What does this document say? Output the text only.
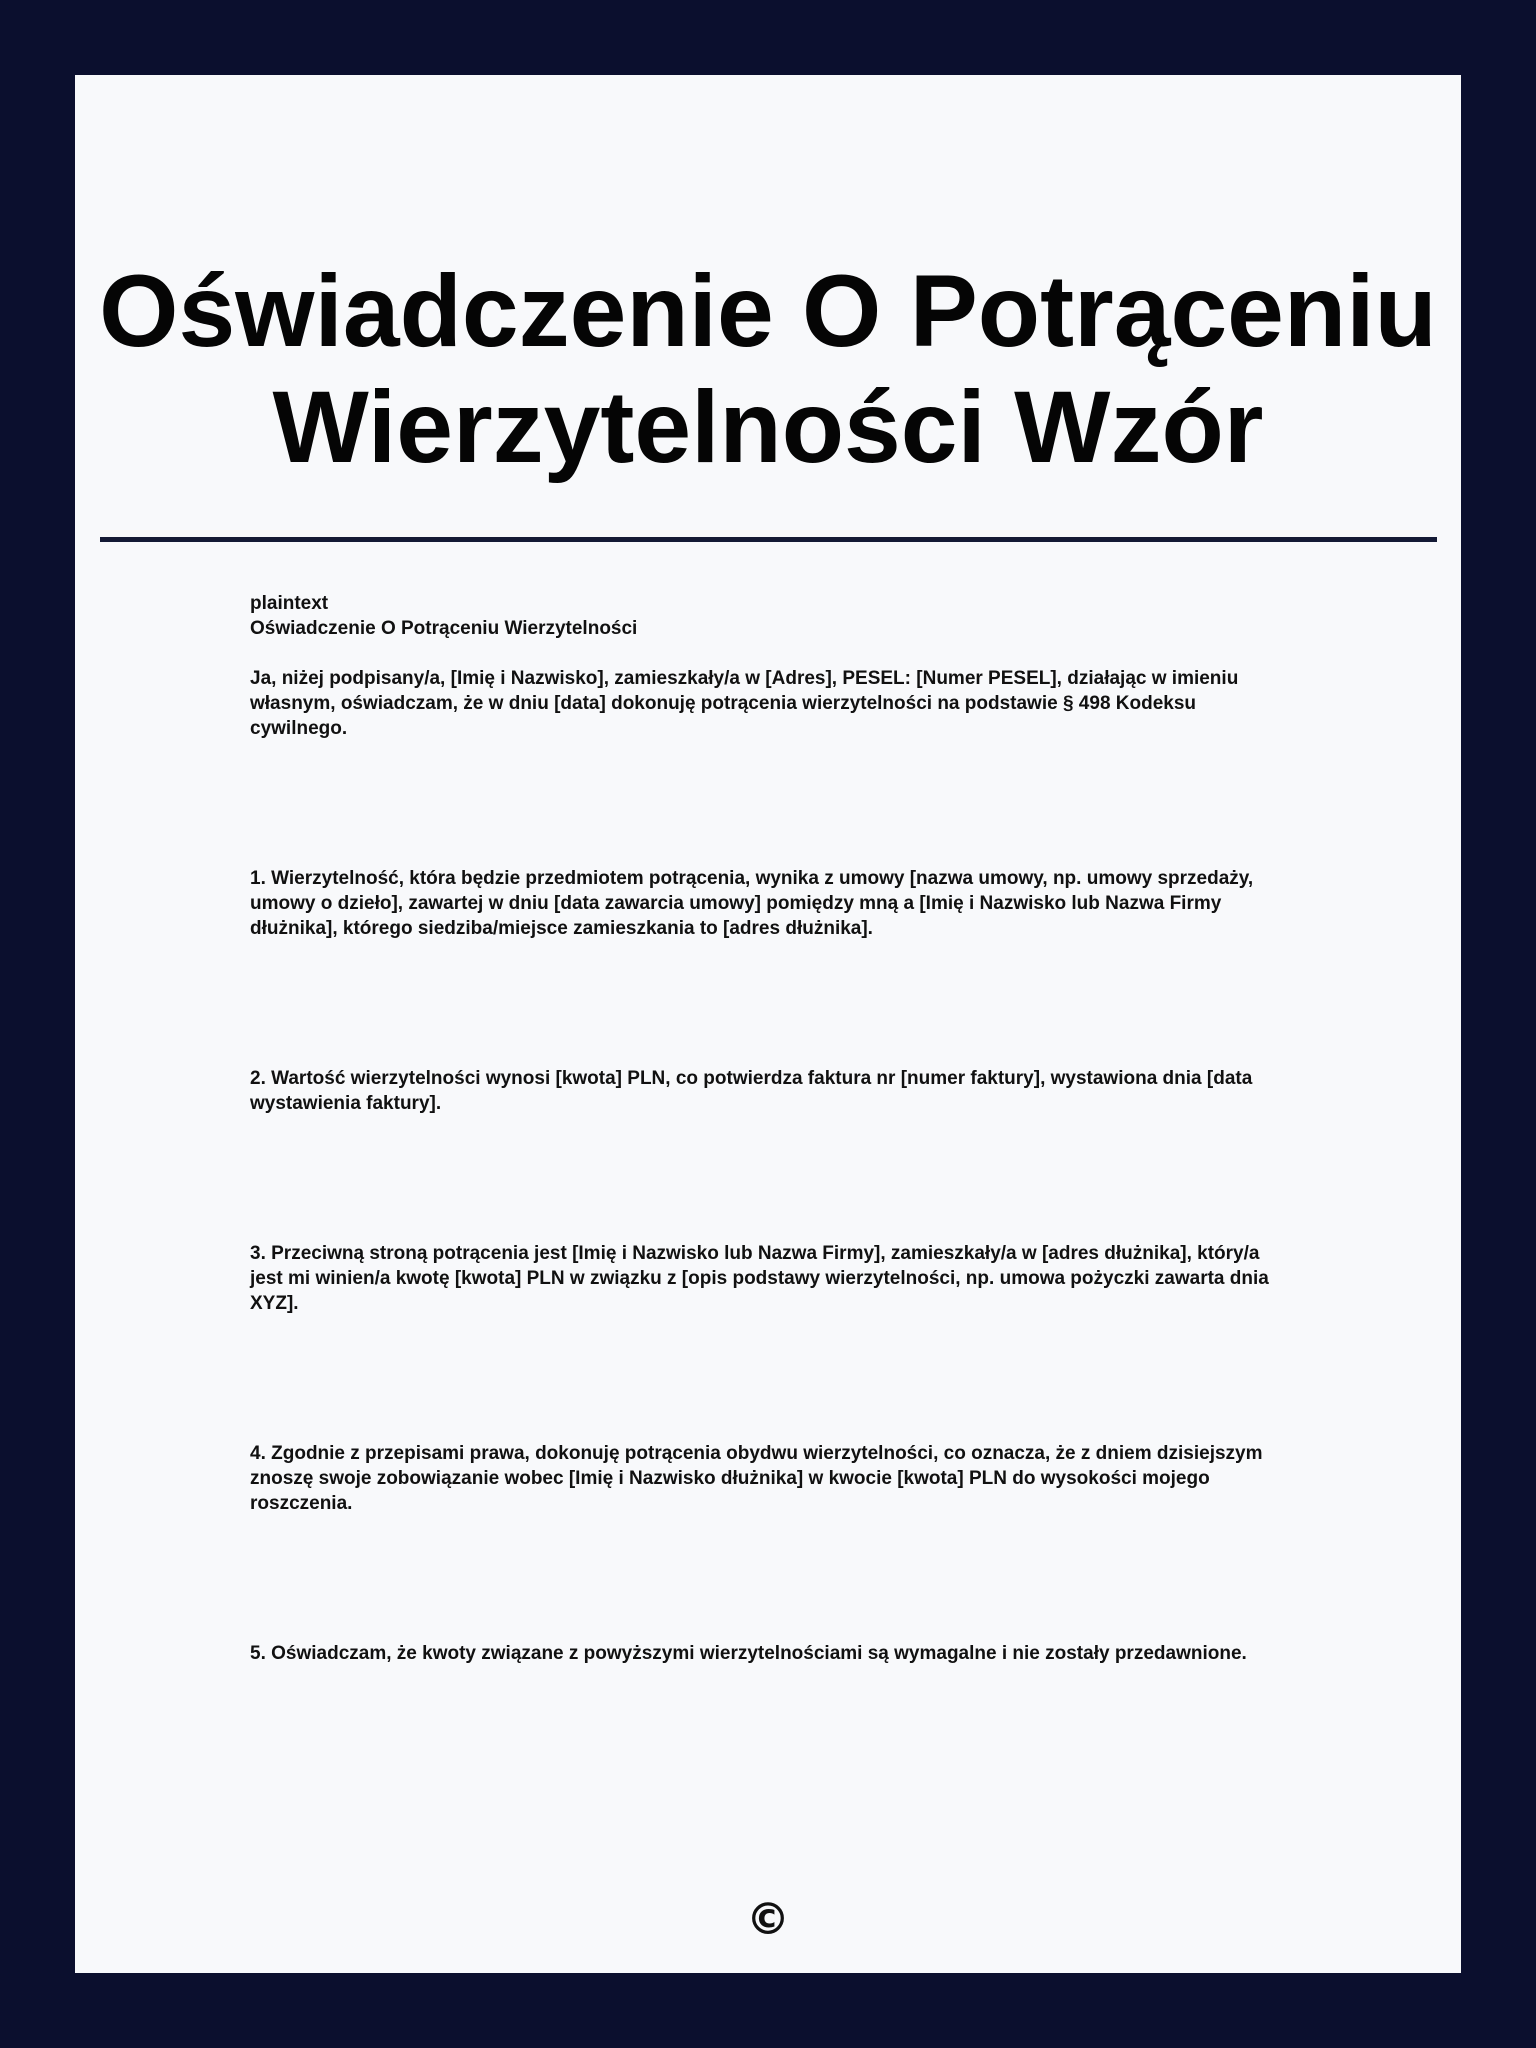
Oświadczenie O Potrąceniu Wierzytelności Wzór

plaintext

Oświadczenie O Potrąceniu Wierzytelności

Ja, niżej podpisany/a, [Imię i Nazwisko], zamieszkały/a w [Adres], PESEL: [Numer PESEL], działając w imieniu własnym, oświadczam, że w dniu [data] dokonuję potrącenia wierzytelności na podstawie § 498 Kodeksu cywilnego.

1. Wierzytelność, która będzie przedmiotem potrącenia, wynika z umowy [nazwa umowy, np. umowy sprzedaży, umowy o dzieło], zawartej w dniu [data zawarcia umowy] pomiędzy mną a [Imię i Nazwisko lub Nazwa Firmy dłużnika], którego siedziba/miejsce zamieszkania to [adres dłużnika].

2. Wartość wierzytelności wynosi [kwota] PLN, co potwierdza faktura nr [numer faktury], wystawiona dnia [data wystawienia faktury].

3. Przeciwną stroną potrącenia jest [Imię i Nazwisko lub Nazwa Firmy], zamieszkały/a w [adres dłużnika], który/a jest mi winien/a kwotę [kwota] PLN w związku z [opis podstawy wierzytelności, np. umowa pożyczki zawarta dnia XYZ].

4. Zgodnie z przepisami prawa, dokonuję potrącenia obydwu wierzytelności, co oznacza, że z dniem dzisiejszym znoszę swoje zobowiązanie wobec [Imię i Nazwisko dłużnika] w kwocie [kwota] PLN do wysokości mojego roszczenia.

5. Oświadczam, że kwoty związane z powyższymi wierzytelnościami są wymagalne i nie zostały przedawnione.

©
